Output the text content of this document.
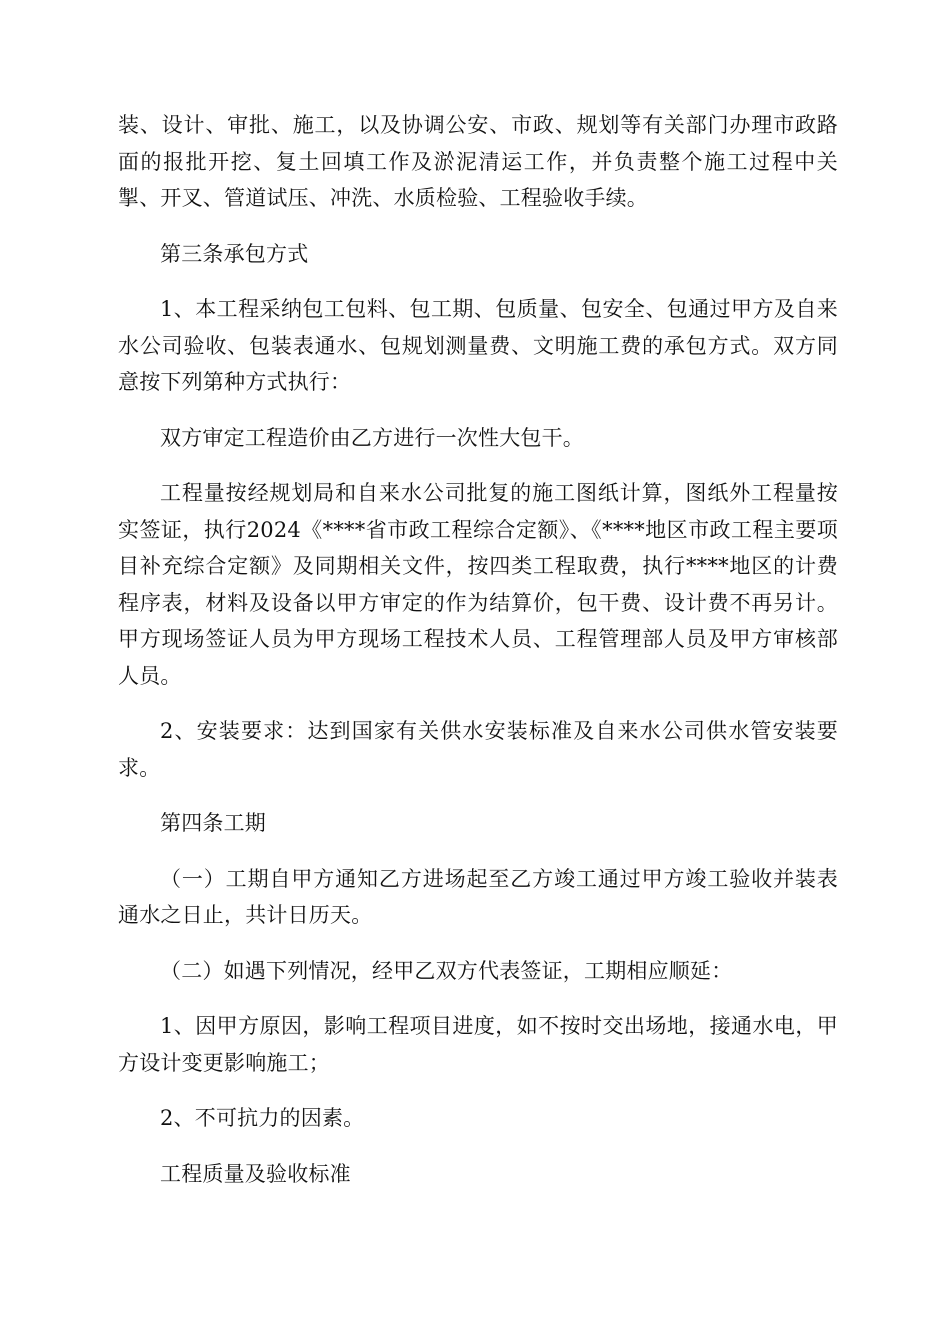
装、设计、审批、施工，以及协调公安、市政、规划等有关部门办理市政路面的报批开挖、复土回填工作及淤泥清运工作，并负责整个施工过程中关掣、开叉、管道试压、冲洗、水质检验、工程验收手续。

第三条承包方式

1、本工程采纳包工包料、包工期、包质量、包安全、包通过甲方及自来水公司验收、包装表通水、包规划测量费、文明施工费的承包方式。双方同意按下列第种方式执行：

双方审定工程造价由乙方进行一次性大包干。

工程量按经规划局和自来水公司批复的施工图纸计算，图纸外工程量按实签证，执行2024《****省市政工程综合定额》、《****地区市政工程主要项目补充综合定额》及同期相关文件，按四类工程取费，执行****地区的计费程序表，材料及设备以甲方审定的作为结算价，包干费、设计费不再另计。甲方现场签证人员为甲方现场工程技术人员、工程管理部人员及甲方审核部人员。

2、安装要求：达到国家有关供水安装标准及自来水公司供水管安装要求。

第四条工期

（一）工期自甲方通知乙方进场起至乙方竣工通过甲方竣工验收并装表通水之日止，共计日历天。

（二）如遇下列情况，经甲乙双方代表签证，工期相应顺延：

1、因甲方原因，影响工程项目进度，如不按时交出场地，接通水电，甲方设计变更影响施工；

2、不可抗力的因素。

工程质量及验收标准
